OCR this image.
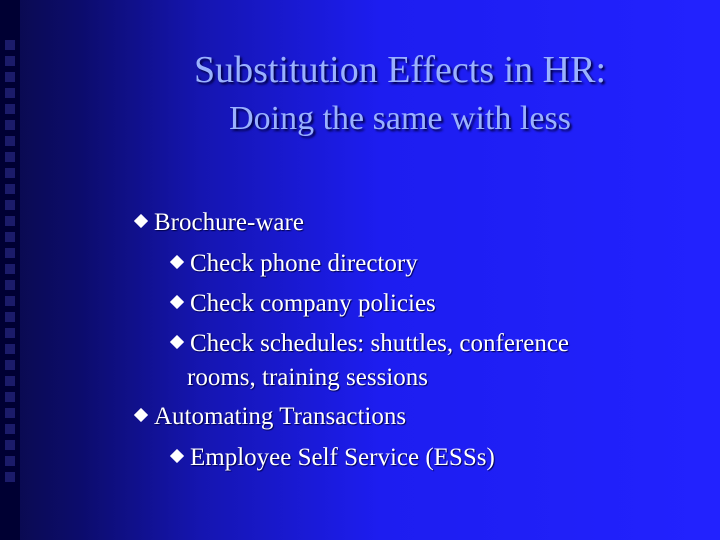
Substitution Effects in HR:
Doing the same with less
Brochure-ware
Check phone directory
Check company policies
Check schedules: shuttles, conference
rooms, training sessions
Automating Transactions
Employee Self Service (ESSs)
